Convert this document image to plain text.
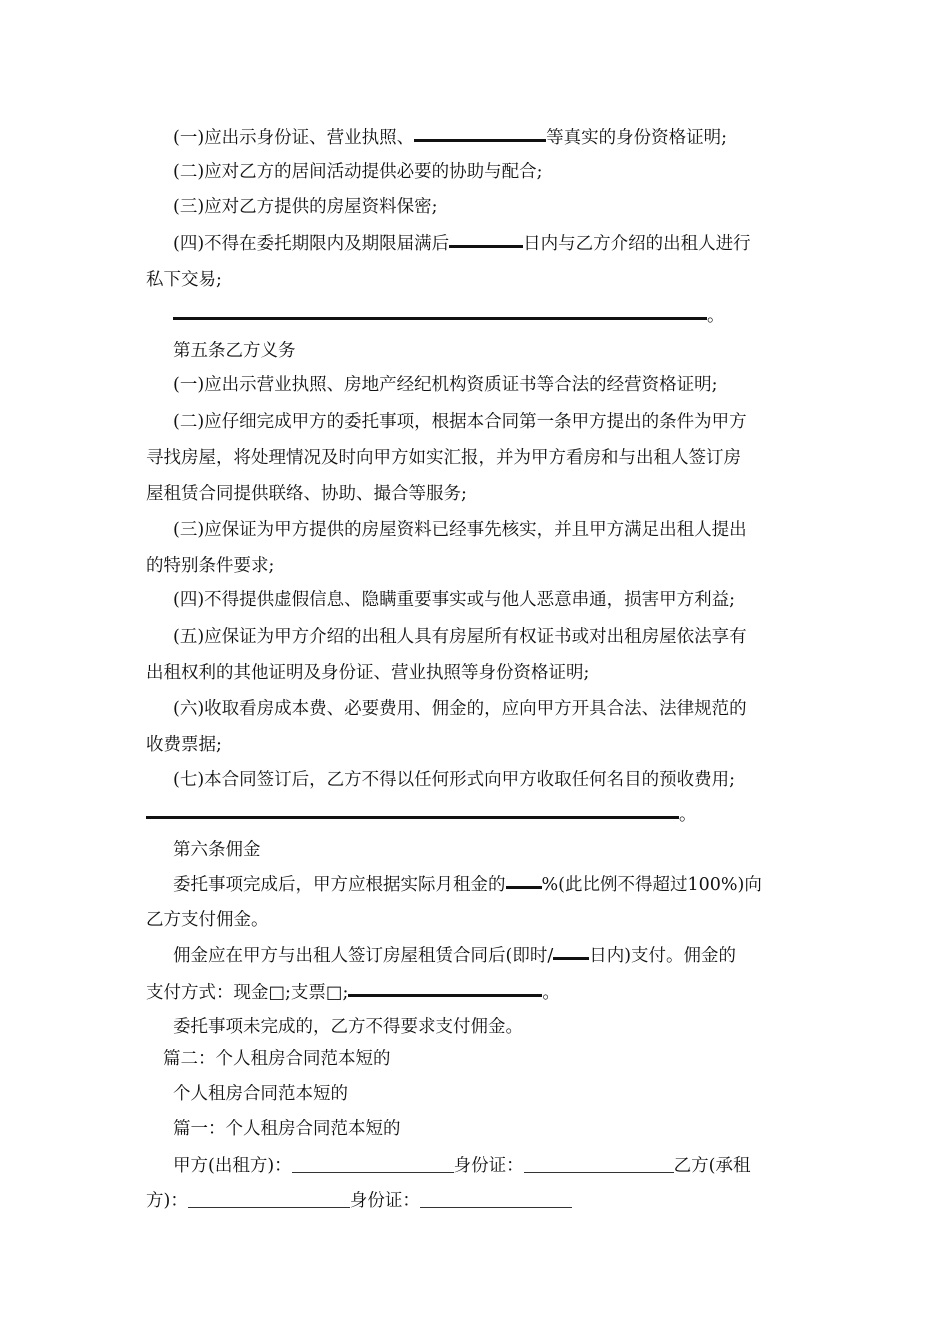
(一)应出示身份证、营业执照、	等真实的身份资格证明;
(二)应对乙方的居间活动提供必要的协助与配合;
(三)应对乙方提供的房屋资料保密;
(四)不得在委托期限内及期限届满后	日内与乙方介绍的出租人进行
私下交易;
。
第五条乙方义务
(一)应出示营业执照、房地产经纪机构资质证书等合法的经营资格证明;
(二)应仔细完成甲方的委托事项，根据本合同第一条甲方提出的条件为甲方
寻找房屋，将处理情况及时向甲方如实汇报，并为甲方看房和与出租人签订房
屋租赁合同提供联络、协助、撮合等服务;
(三)应保证为甲方提供的房屋资料已经事先核实，并且甲方满足出租人提出
的特别条件要求;
(四)不得提供虚假信息、隐瞒重要事实或与他人恶意串通，损害甲方利益;
(五)应保证为甲方介绍的出租人具有房屋所有权证书或对出租房屋依法享有
出租权利的其他证明及身份证、营业执照等身份资格证明;
(六)收取看房成本费、必要费用、佣金的，应向甲方开具合法、法律规范的
收费票据;
(七)本合同签订后，乙方不得以任何形式向甲方收取任何名目的预收费用;
。
第六条佣金
委托事项完成后，甲方应根据实际月租金的 %(此比例不得超过100%)向
乙方支付佣金。
佣金应在甲方与出租人签订房屋租赁合同后(即时/ 日内)支付。佣金的
支付方式：现金□;支票□;	。
委托事项未完成的，乙方不得要求支付佣金。
篇二：个人租房合同范本短的
个人租房合同范本短的
篇一：个人租房合同范本短的
甲方(出租方)：	身份证：	乙方(承租
方)：	身份证：
